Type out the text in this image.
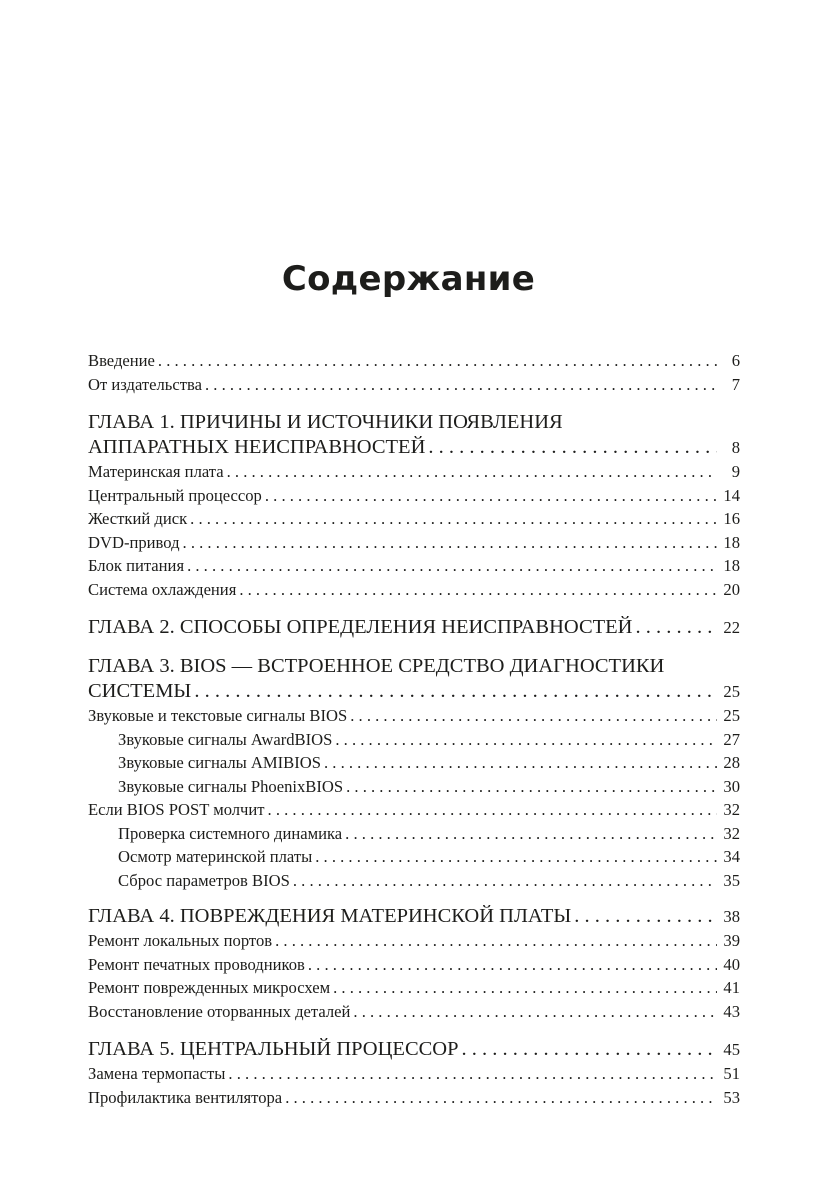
Содержание
Введение . . .	6
От издательства . . .	7
ГЛАВА 1. ПРИЧИНЫ И ИСТОЧНИКИ ПОЯВЛЕНИЯ
АППАРАТНЫХ НЕИСПРАВНОСТЕЙ . . .	8
Материнская плата . . .	9
Центральный процессор . . .	14
Жесткий диск . . .	16
DVD-привод . . .	18
Блок питания . . .	18
Система охлаждения . . .	20
ГЛАВА 2. СПОСОБЫ ОПРЕДЕЛЕНИЯ НЕИСПРАВНОСТЕЙ . . .	22
ГЛАВА 3. BIOS — ВСТРОЕННОЕ СРЕДСТВО ДИАГНОСТИКИ
СИСТЕМЫ . . .	25
Звуковые и текстовые сигналы BIOS . . .	25
Звуковые сигналы AwardBIOS . . .	27
Звуковые сигналы AMIBIOS . . .	28
Звуковые сигналы PhoenixBIOS . . .	30
Если BIOS POST молчит . . .	32
Проверка системного динамика . . .	32
Осмотр материнской платы . . .	34
Сброс параметров BIOS . . .	35
ГЛАВА 4. ПОВРЕЖДЕНИЯ МАТЕРИНСКОЙ ПЛАТЫ . . .	38
Ремонт локальных портов . . .	39
Ремонт печатных проводников . . .	40
Ремонт поврежденных микросхем . . .	41
Восстановление оторванных деталей . . .	43
ГЛАВА 5. ЦЕНТРАЛЬНЫЙ ПРОЦЕССОР . . .	45
Замена термопасты . . .	51
Профилактика вентилятора . . .	53
